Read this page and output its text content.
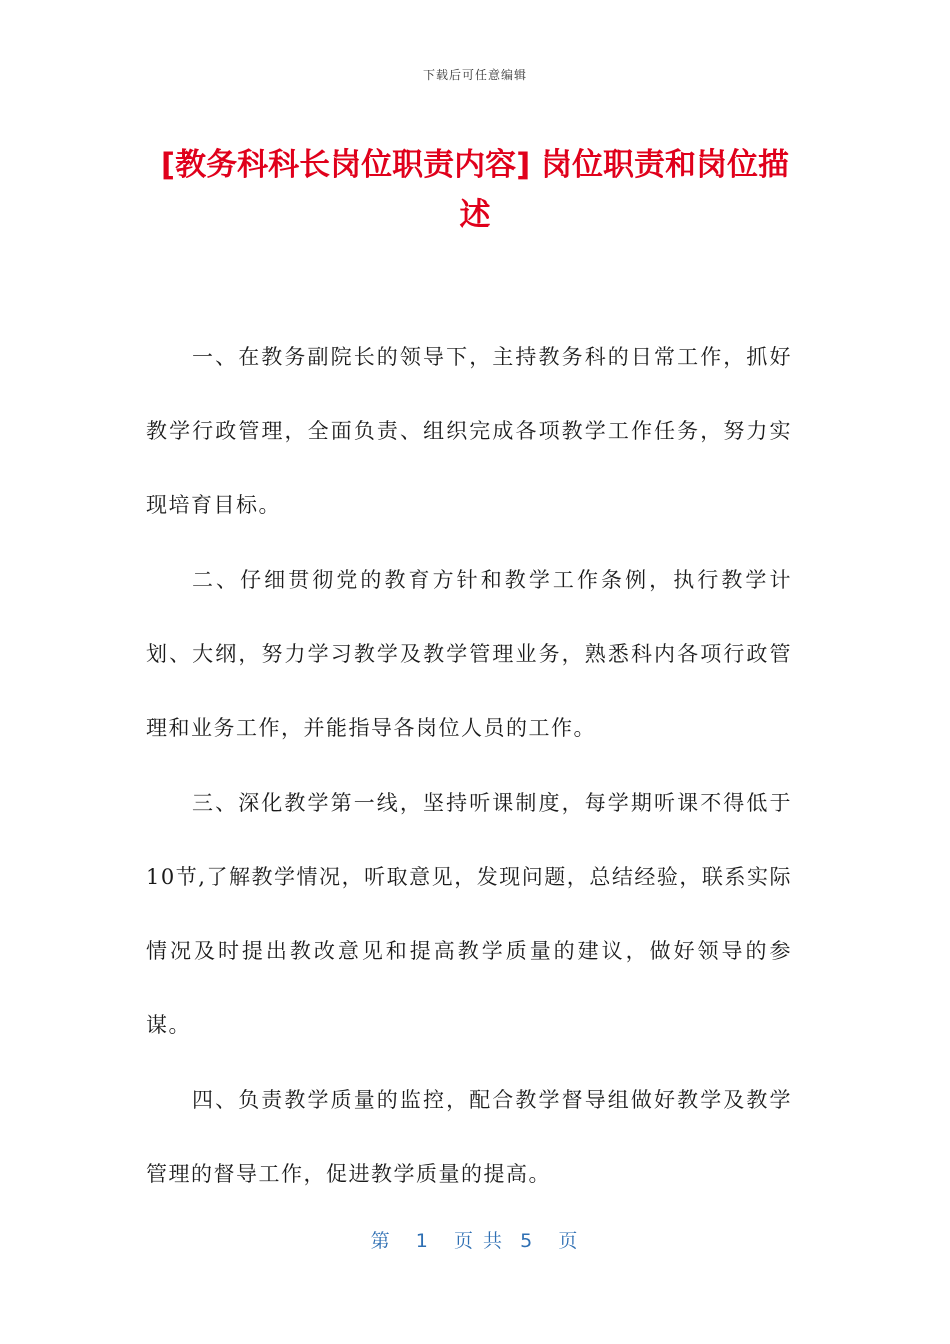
下载后可任意编辑
[教务科科长岗位职责内容] 岗位职责和岗位描述

一、在教务副院长的领导下，主持教务科的日常工作，抓好教学行政管理，全面负责、组织完成各项教学工作任务，努力实现培育目标。

二、仔细贯彻党的教育方针和教学工作条例，执行教学计划、大纲，努力学习教学及教学管理业务，熟悉科内各项行政管理和业务工作，并能指导各岗位人员的工作。

三、深化教学第一线，坚持听课制度，每学期听课不得低于10节,了解教学情况，听取意见，发现问题，总结经验，联系实际情况及时提出教改意见和提高教学质量的建议，做好领导的参谋。

四、负责教学质量的监控，配合教学督导组做好教学及教学管理的督导工作，促进教学质量的提高。

第 1 页 共 5 页
